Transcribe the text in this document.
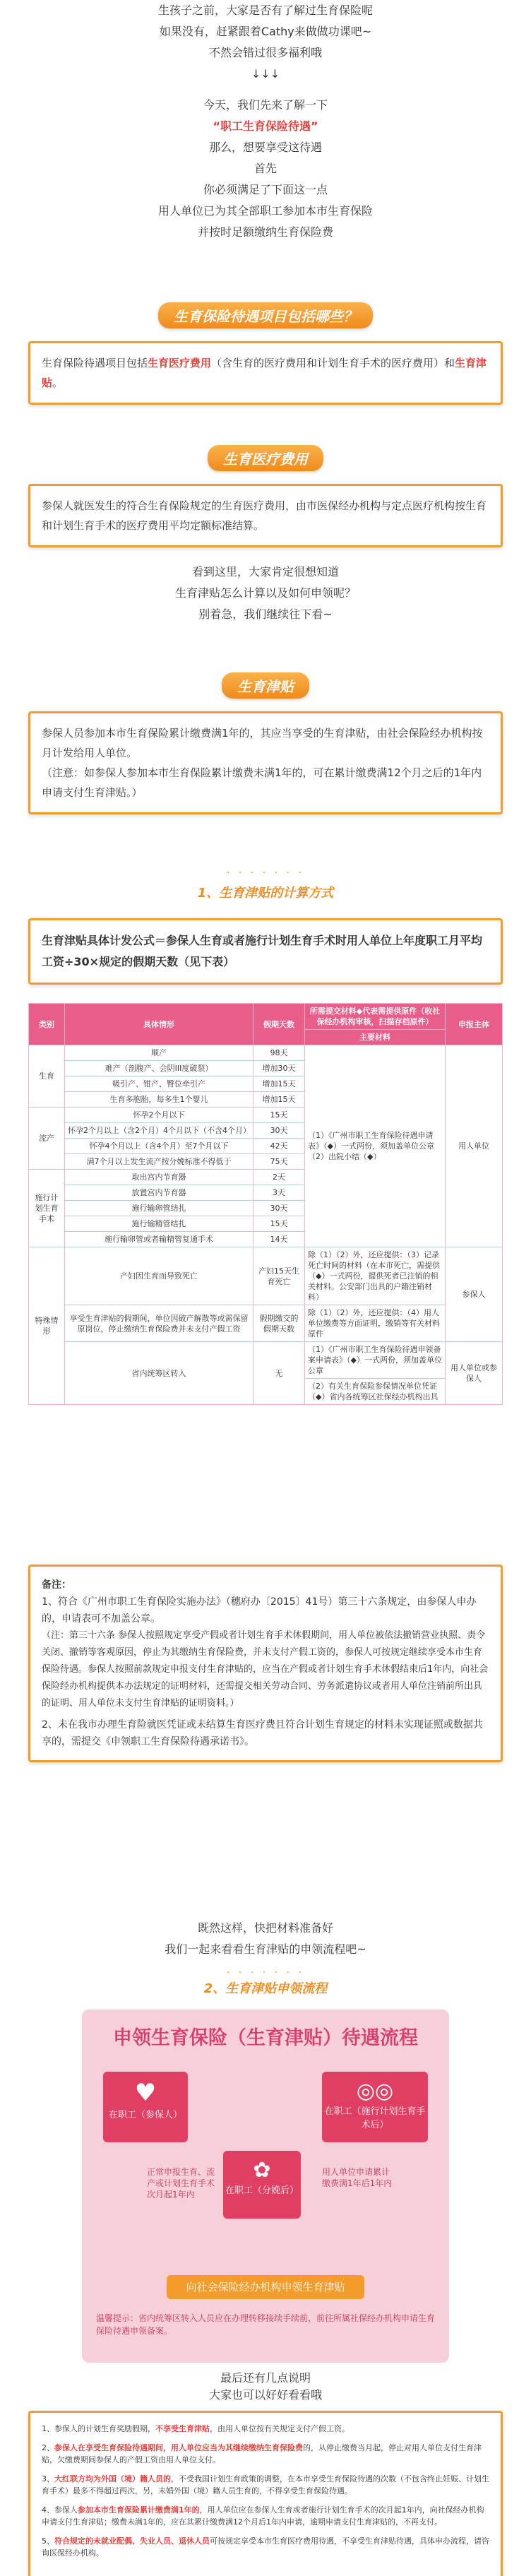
生孩子之前，大家是否有了解过生育保险呢
如果没有，赶紧跟着Cathy来做做功课吧~
不然会错过很多福利哦
↓↓↓
今天，我们先来了解一下
“职工生育保险待遇”
那么，想要享受这待遇
首先
你必须满足了下面这一点
用人单位已为其全部职工参加本市生育保险
并按时足额缴纳生育保险费
生育保险待遇项目包括哪些？
生育保险待遇项目包括生育医疗费用（含生育的医疗费用和计划生育手术的医疗费用）和生育津贴。
生育医疗费用
参保人就医发生的符合生育保险规定的生育医疗费用，由市医保经办机构与定点医疗机构按生育和计划生育手术的医疗费用平均定额标准结算。
看到这里，大家肯定很想知道
生育津贴怎么计算以及如何申领呢？
别着急，我们继续往下看~
生育津贴
参保人员参加本市生育保险累计缴费满1年的，其应当享受的生育津贴，由社会保险经办机构按月计发给用人单位。
（注意：如参保人参加本市生育保险累计缴费未满1年的，可在累计缴费满12个月之后的1年内申请支付生育津贴。）
· · · · · · ·
1、生育津贴的计算方式
生育津贴具体计发公式＝参保人生育或者施行计划生育手术时用人单位上年度职工月平均工资÷30×规定的假期天数（见下表）
类别	具体情形	假期天数	所需提交材料◆代表需提供原件（收社保经办机构审核，扫描存档原件）	申报主体
			主要材料	
生育	顺产	98天	（1）《广州市职工生育保险待遇申请表》（◆）一式两份，须加盖单位公章（2）出院小结（◆）	用人单位
	难产（剖腹产、会阴III度破裂）	增加30天		
	吸引产、钳产、臀位牵引产	增加15天		
	生育多胞胎，每多生1个婴儿	增加15天		
流产	怀孕2个月以下	15天		
	怀孕2个月以上（含2个月）4个月以下（不含4个月）	30天		
	怀孕4个月以上（含4个月）至7个月以下	42天		
	满7个月以上发生流产按分娩标准不得低于	75天		
施行计划生育手术	取出宫内节育器	2天		
	放置宫内节育器	3天		
	施行输卵管结扎	30天		
	施行输精管结扎	15天		
	施行输卵管或者输精管复通手术	14天		
特殊情形	产妇因生育而导致死亡	产妇15天生育死亡	除（1）（2）外，还应提供：（3）记录死亡时间的材料（在本市死亡，需提供（◆）一式两份，提供死者已注销的相关材料。公安部门出具的户籍注销材料）	参保人
	享受生育津贴的假期间，单位因破产解散等或需保留原岗位，停止缴纳生育保险费并未支付产假工资	假期缴交的假期天数	除（1）（2）外，还应提供：（4）用人单位缴费等方面证明，缴销等有关材料原件	
	省内统筹区转入	无	（1）《广州市职工生育保险待遇申领备案申请表》（◆）一式两份，须加盖单位公章	用人单位或参保人
			（2）有关生育保险参保情况单位凭证（◆）省内各统筹区社保经办机构出具	
备注：
1、符合《广州市职工生育保险实施办法》（穗府办〔2015〕41号）第三十六条规定，由参保人申办的，申请表可不加盖公章。
（注：第三十六条 参保人按照规定享受产假或者计划生育手术休假期间，用人单位被依法撤销营业执照、责令关闭、撤销等客观原因，停止为其缴纳生育保险费，并未支付产假工资的，参保人可按规定继续享受本市生育保险待遇。参保人按照前款规定申报支付生育津贴的，应当在产假或者计划生育手术休假结束后1年内，向社会保险经办机构提供本办法规定的证明材料，还需提交相关劳动合同、劳务派遣协议或者用人单位注销前所出具的证明、用人单位未支付生育津贴的证明资料。）
2、未在我市办理生育险就医凭证或未结算生育医疗费且符合计划生育规定的材料未实现证照或数据共享的，需提交《申领职工生育保险待遇承诺书》。
既然这样，快把材料准备好
我们一起来看看生育津贴的申领流程吧~
· · · · · · ·
2、生育津贴申领流程
申领生育保险（生育津贴）待遇流程
♥
在职工（参保人）
✿
在职工（分娩后）
◎◎
在职工（施行计划生育手术后）
正常申报生育、流产或计划生育手术次月起1年内
用人单位申请累计缴费满1年后1年内
向社会保险经办机构申领生育津贴
温馨提示：省内统筹区转入人员应在办理转移接续手续前，前往所属社保经办机构申请生育保险待遇申领备案。
最后还有几点说明
大家也可以好好看看哦

1、参保人的计划生育奖励假期，不享受生育津贴，由用人单位按有关规定支付产假工资。

2、参保人在享受生育保险待遇期间，用人单位应当为其继续缴纳生育保险费的，从停止缴费当月起，停止对用人单位支付生育津贴，欠缴费期间参保人的产假工资由用人单位支付。

3、大红联方均为外国（境）籍人员的，不受我国计划生育政策的调整，在本市享受生育保险待遇的次数（不包含终止妊娠、计划生育手术）最多不得超过两次，另，未婚外国（境）籍人员生育的，不得享受生育保险待遇。

4、参保人参加本市生育保险累计缴费满1年的，用人单位应在参保人生育或者施行计划生育手术的次月起1年内，向社保经办机构申请支付生育津贴；缴费未满1年的，应在其累计缴费满12个月后1年内申请，逾期申请支付生育津贴的，不再支付。

5、符合规定的未就业配偶、失业人员、退休人员可按规定享受本市生育医疗费用待遇，不享受生育津贴待遇，具体申办流程，请咨询医保经办机构。
